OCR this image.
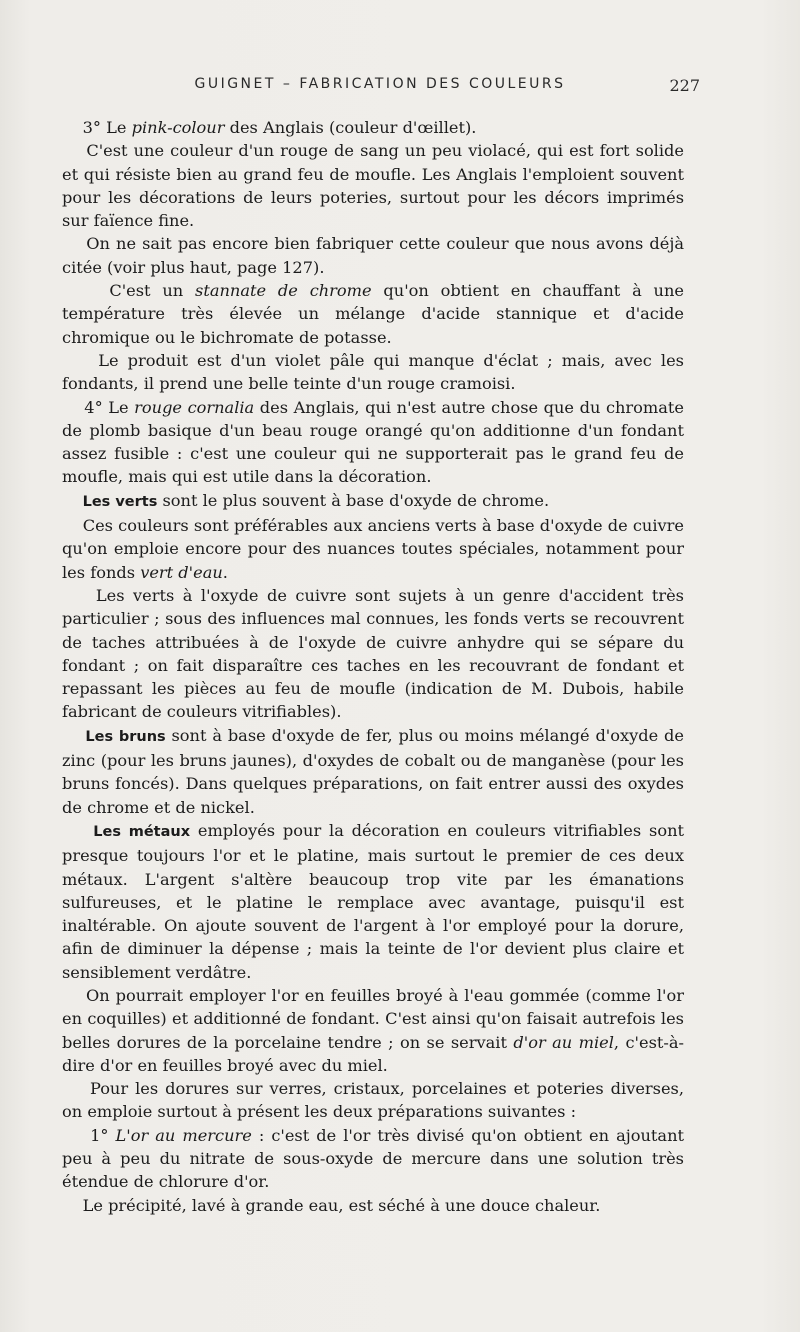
GUIGNET – FABRICATION DES COULEURS	227

3° Le pink-colour des Anglais (couleur d'œillet).

C'est une couleur d'un rouge de sang un peu violacé, qui est fort solide et qui résiste bien au grand feu de moufle. Les Anglais l'emploient souvent pour les décorations de leurs poteries, surtout pour les décors imprimés sur faïence fine.

On ne sait pas encore bien fabriquer cette couleur que nous avons déjà citée (voir plus haut, page 127).

C'est un stannate de chrome qu'on obtient en chauffant à une température très élevée un mélange d'acide stannique et d'acide chromique ou le bichromate de potasse.

Le produit est d'un violet pâle qui manque d'éclat ; mais, avec les fondants, il prend une belle teinte d'un rouge cramoisi.

4° Le rouge cornalia des Anglais, qui n'est autre chose que du chromate de plomb basique d'un beau rouge orangé qu'on additionne d'un fondant assez fusible : c'est une couleur qui ne supporterait pas le grand feu de moufle, mais qui est utile dans la décoration.

Les verts sont le plus souvent à base d'oxyde de chrome.

Ces couleurs sont préférables aux anciens verts à base d'oxyde de cuivre qu'on emploie encore pour des nuances toutes spéciales, notamment pour les fonds vert d'eau.

Les verts à l'oxyde de cuivre sont sujets à un genre d'accident très particulier ; sous des influences mal connues, les fonds verts se recouvrent de taches attribuées à de l'oxyde de cuivre anhydre qui se sépare du fondant ; on fait disparaître ces taches en les recouvrant de fondant et repassant les pièces au feu de moufle (indication de M. Dubois, habile fabricant de couleurs vitrifiables).

Les bruns sont à base d'oxyde de fer, plus ou moins mélangé d'oxyde de zinc (pour les bruns jaunes), d'oxydes de cobalt ou de manganèse (pour les bruns foncés). Dans quelques préparations, on fait entrer aussi des oxydes de chrome et de nickel.

Les métaux employés pour la décoration en couleurs vitrifiables sont presque toujours l'or et le platine, mais surtout le premier de ces deux métaux. L'argent s'altère beaucoup trop vite par les émanations sulfureuses, et le platine le remplace avec avantage, puisqu'il est inaltérable. On ajoute souvent de l'argent à l'or employé pour la dorure, afin de diminuer la dépense ; mais la teinte de l'or devient plus claire et sensiblement verdâtre.

On pourrait employer l'or en feuilles broyé à l'eau gommée (comme l'or en coquilles) et additionné de fondant. C'est ainsi qu'on faisait autrefois les belles dorures de la porcelaine tendre ; on se servait d'or au miel, c'est-à-dire d'or en feuilles broyé avec du miel.

Pour les dorures sur verres, cristaux, porcelaines et poteries diverses, on emploie surtout à présent les deux préparations suivantes :

1° L'or au mercure : c'est de l'or très divisé qu'on obtient en ajoutant peu à peu du nitrate de sous-oxyde de mercure dans une solution très étendue de chlorure d'or.

Le précipité, lavé à grande eau, est séché à une douce chaleur.
